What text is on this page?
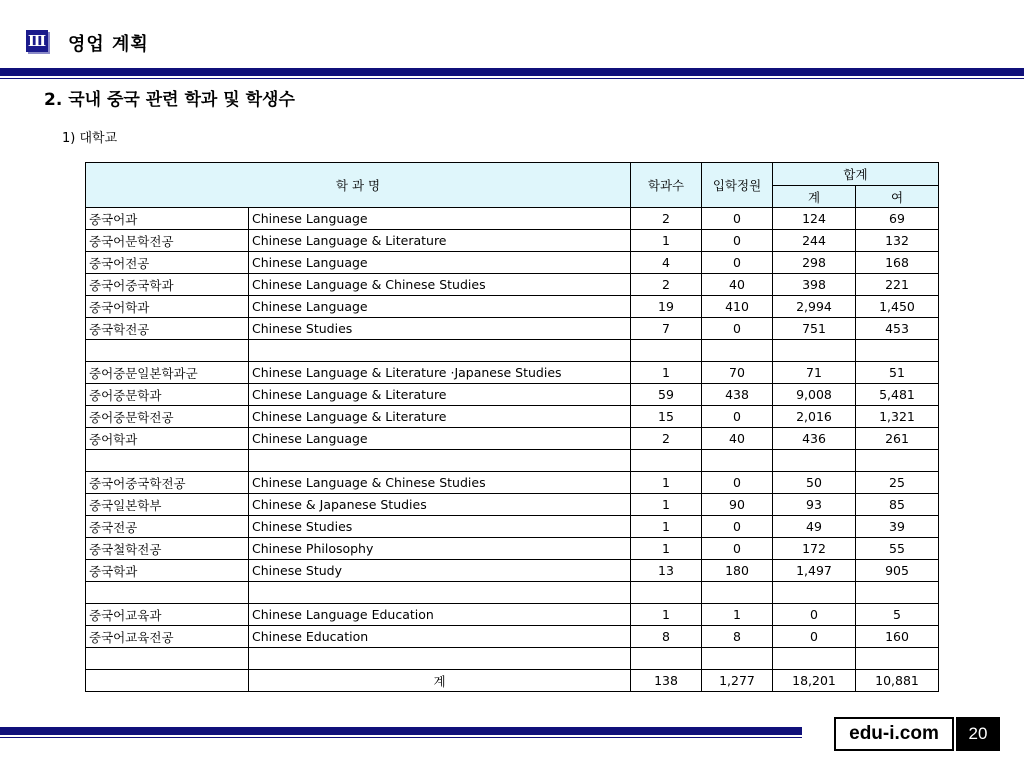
Ⅲ 영업 계획
2. 국내 중국 관련 학과 및 학생수
1) 대학교
학 과 명		학과수	입학정원	합계	
				계	여
중국어과	Chinese Language	2	0	124	69
중국어문학전공	Chinese Language & Literature	1	0	244	132
중국어전공	Chinese Language	4	0	298	168
중국어중국학과	Chinese Language & Chinese Studies	2	40	398	221
중국어학과	Chinese Language	19	410	2,994	1,450
중국학전공	Chinese Studies	7	0	751	453

중어중문일본학과군	Chinese Language & Literature ·Japanese Studies	1	70	71	51
중어중문학과	Chinese Language & Literature	59	438	9,008	5,481
중어중문학전공	Chinese Language & Literature	15	0	2,016	1,321
중어학과	Chinese Language	2	40	436	261

중국어중국학전공	Chinese Language & Chinese Studies	1	0	50	25
중국일본학부	Chinese & Japanese Studies	1	90	93	85
중국전공	Chinese Studies	1	0	49	39
중국철학전공	Chinese Philosophy	1	0	172	55
중국학과	Chinese Study	13	180	1,497	905

중국어교육과	Chinese Language Education	1	1	0	5
중국어교육전공	Chinese Education	8	8	0	160

	계	138	1,277	18,201	10,881
edu-i.com	20
